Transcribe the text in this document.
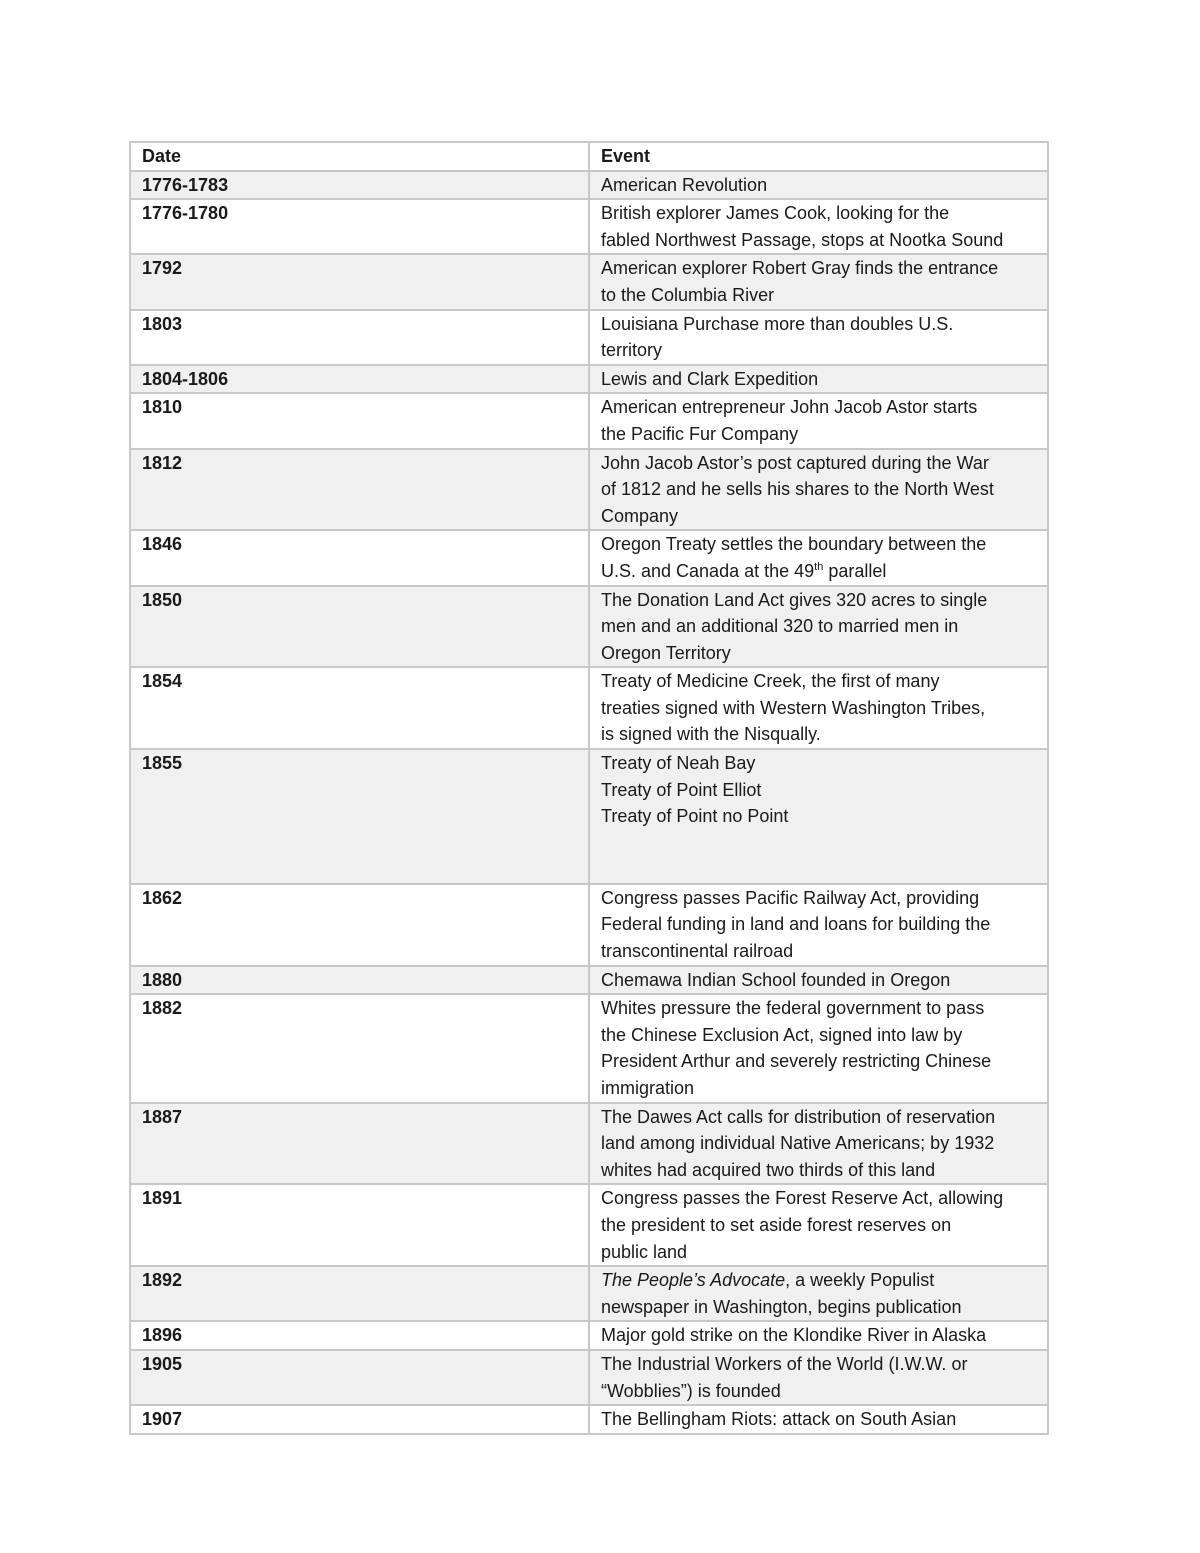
Date	Event
1776-1783	American Revolution

1776-1780	British explorer James Cook, looking for the
fabled Northwest Passage, stops at Nootka Sound

1792	American explorer Robert Gray finds the entrance
to the Columbia River

1803	Louisiana Purchase more than doubles U.S.
territory

1804-1806	Lewis and Clark Expedition

1810	American entrepreneur John Jacob Astor starts
the Pacific Fur Company

1812	John Jacob Astor’s post captured during the War
of 1812 and he sells his shares to the North West
Company

1846	Oregon Treaty settles the boundary between the
U.S. and Canada at the 49th parallel

1850	The Donation Land Act gives 320 acres to single
men and an additional 320 to married men in
Oregon Territory

1854	Treaty of Medicine Creek, the first of many
treaties signed with Western Washington Tribes,
is signed with the Nisqually.

1855	Treaty of Neah Bay
Treaty of Point Elliot
Treaty of Point no Point

1862	Congress passes Pacific Railway Act, providing
Federal funding in land and loans for building the
transcontinental railroad

1880	Chemawa Indian School founded in Oregon

1882	Whites pressure the federal government to pass
the Chinese Exclusion Act, signed into law by
President Arthur and severely restricting Chinese
immigration

1887	The Dawes Act calls for distribution of reservation
land among individual Native Americans; by 1932
whites had acquired two thirds of this land

1891	Congress passes the Forest Reserve Act, allowing
the president to set aside forest reserves on
public land

1892	The People’s Advocate, a weekly Populist
newspaper in Washington, begins publication

1896	Major gold strike on the Klondike River in Alaska

1905	The Industrial Workers of the World (I.W.W. or
“Wobblies”) is founded

1907	The Bellingham Riots: attack on South Asian
